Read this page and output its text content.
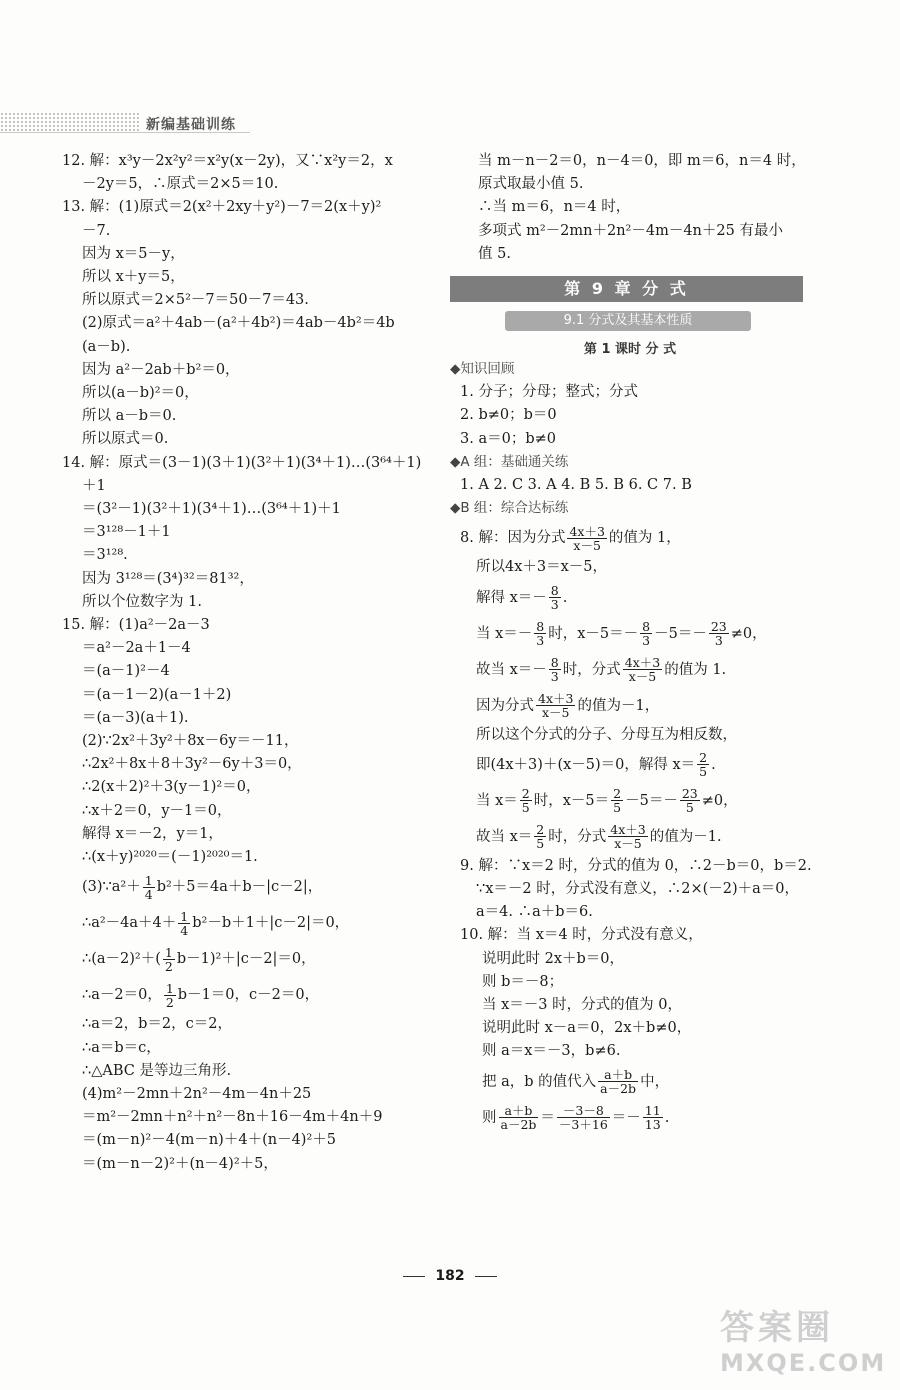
新编基础训练
12. 解：x³y－2x²y²＝x²y(x－2y)，又∵x²y＝2，x
－2y＝5，∴原式＝2×5＝10.
13. 解：(1)原式＝2(x²＋2xy＋y²)－7＝2(x＋y)²
－7.
因为 x＝5－y，
所以 x＋y＝5，
所以原式＝2×5²－7＝50－7＝43.
(2)原式＝a²＋4ab－(a²＋4b²)＝4ab－4b²＝4b
(a－b).
因为 a²－2ab＋b²＝0，
所以(a－b)²＝0，
所以 a－b＝0.
所以原式＝0.
14. 解：原式＝(3－1)(3＋1)(3²＋1)(3⁴＋1)…(3⁶⁴＋1)
＋1
＝(3²－1)(3²＋1)(3⁴＋1)…(3⁶⁴＋1)＋1
＝3¹²⁸－1＋1
＝3¹²⁸.
因为 3¹²⁸＝(3⁴)³²＝81³²，
所以个位数字为 1.
15. 解：(1)a²－2a－3
＝a²－2a＋1－4
＝(a－1)²－4
＝(a－1－2)(a－1＋2)
＝(a－3)(a＋1).
(2)∵2x²＋3y²＋8x－6y＝－11，
∴2x²＋8x＋8＋3y²－6y＋3＝0，
∴2(x＋2)²＋3(y－1)²＝0，
∴x＋2＝0，y－1＝0，
解得 x＝－2，y＝1，
∴(x＋y)²⁰²⁰＝(－1)²⁰²⁰＝1.
(3)∵a²＋ $\frac{1}{4} b^2+5=4a+b-|c-2|$，
∴a²－4a＋4＋ $\frac{1}{4} b^2-b+1+|c-2|=0$，
∴(a－2)²＋( $\frac{1}{2} b-1)^2+|c-2|=0$，
∴a－2＝0， $\frac{1}{2} b-1=0$，c－2＝0，
∴a＝2，b＝2，c＝2，
∴a＝b＝c，
∴△ABC 是等边三角形.
(4)m²－2mn＋2n²－4m－4n＋25
＝m²－2mn＋n²＋n²－8n＋16－4m＋4n＋9
＝(m－n)²－4(m－n)＋4＋(n－4)²＋5
＝(m－n－2)²＋(n－4)²＋5，
当 m－n－2＝0，n－4＝0，即 m＝6，n＝4 时，
原式取最小值 5.
∴当 m＝6，n＝4 时，
多项式 m²－2mn＋2n²－4m－4n＋25 有最小
值 5.
第 9 章 分 式
9.1 分式及其基本性质
第 1 课时 分 式
◆知识回顾
1. 分子；分母；整式；分式
2. b≠0；b＝0
3. a＝0；b≠0
◆A 组：基础通关练
1. A 2. C 3. A 4. B 5. B 6. C 7. B
◆B 组：综合达标练
8. 解：因为分式 $\frac{4x+3}{x-5}$ 的值为 1，
所以4x＋3＝x－5，
解得 $x=- \frac{8}{3}$ .
当 $x=- \frac{8}{3}$ 时，$x-5=- \frac{8}{3} -5=- \frac{23}{3} \ne 0$，
故当 $x=- \frac{8}{3}$ 时，分式 $\frac{4x+3}{x-5}$ 的值为 1.
因为分式 $\frac{4x+3}{x-5}$ 的值为－1，
所以这个分式的分子、分母互为相反数，
即(4x＋3)＋(x－5)＝0，解得 $x= \frac{2}{5}$ .
当 $x= \frac{2}{5}$ 时，$x-5= \frac{2}{5} -5=- \frac{23}{5} \ne 0$，
故当 $x= \frac{2}{5}$ 时，分式 $\frac{4x+3}{x-5}$ 的值为－1.
9. 解：∵x＝2 时，分式的值为 0，∴2－b＝0，b＝2.
∵x＝－2 时，分式没有意义，∴2×(－2)＋a＝0，
a＝4. ∴a＋b＝6.
10. 解：当 x＝4 时，分式没有意义，
说明此时 2x＋b＝0，
则 b＝－8；
当 x＝－3 时，分式的值为 0，
说明此时 x－a＝0，2x＋b≠0，
则 a＝x＝－3，b≠6.
把 a，b 的值代入 $\frac{a+b}{a-2b}$ 中，
则 $\frac{a+b}{a-2b} = \frac{-3-8}{-3+16} =- \frac{11}{13}$ .
182
答案圈
MXQE.COM
